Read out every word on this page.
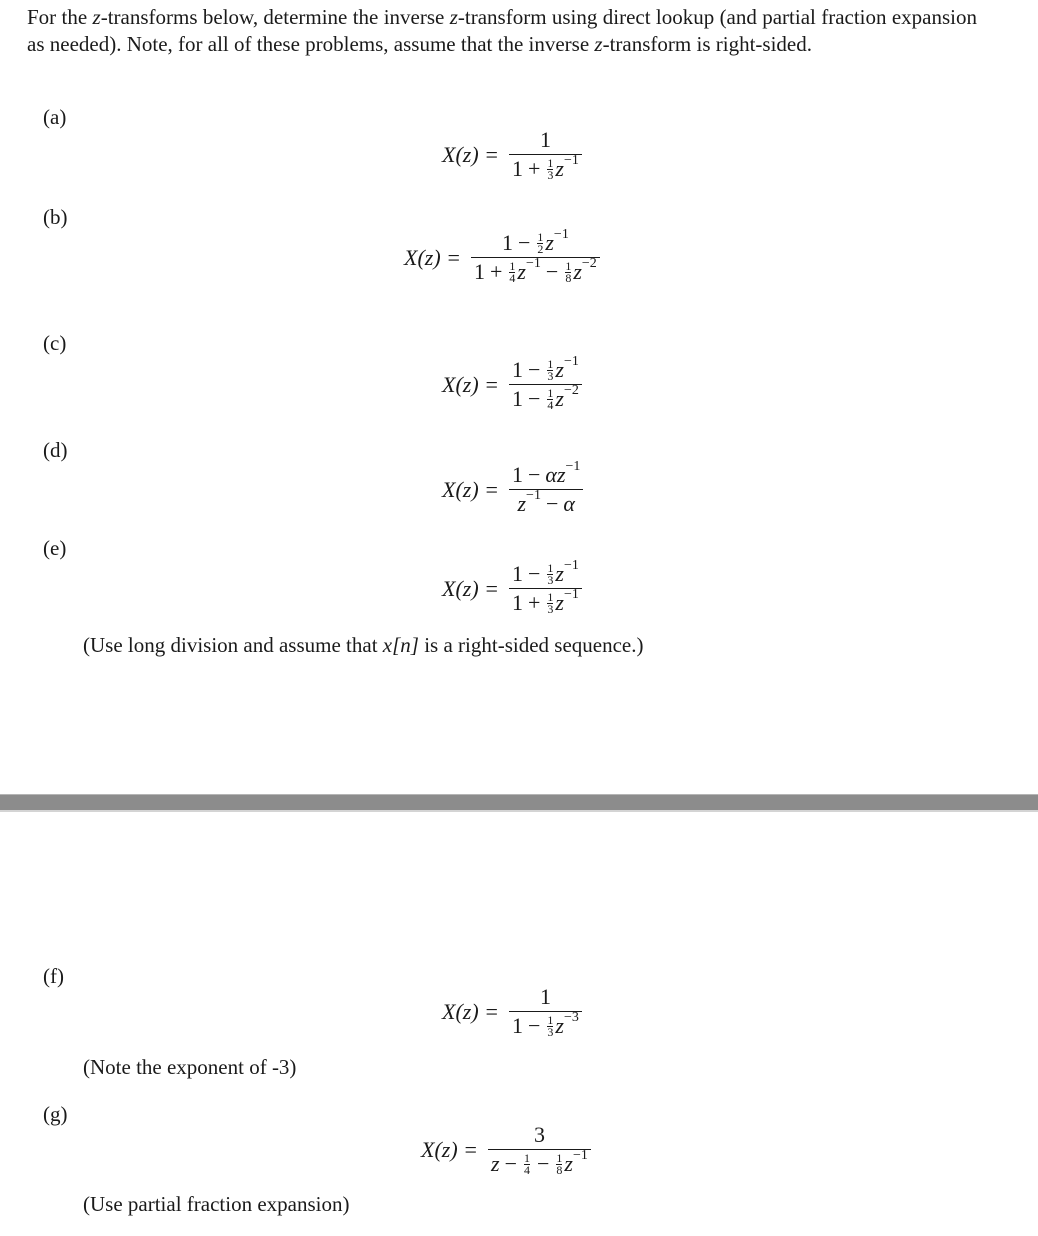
For the z-transforms below, determine the inverse z-transform using direct lookup (and partial fraction expansion as needed). Note, for all of these problems, assume that the inverse z-transform is right-sided.
(a)
X(z) = 1
1 + 1
3 $z^{-1}$
(b)
X(z) = 1 − 1
2 $z^{-1}$
1 + 1
4 $z^{-1} - 1$
8 $z^{-2}$
(c)
X(z) = 1 − 1
3 $z^{-1}$
1 − 1
4 $z^{-2}$
(d)
$X(z) = \frac{1 - \alpha z^{-1}}{z^{-1} - \alpha}$
(e)
X(z) = 1 − 1
3 $z^{-1}$
1 + 1
3 $z^{-1}$
(Use long division and assume that x[n] is a right-sided sequence.)
(f)
X(z) = 1
1 − 1
3 $z^{-3}$
(Note the exponent of -3)
(g)
X(z) = 3
z − 1
4 − 1
8 $z^{-1}$
(Use partial fraction expansion)
